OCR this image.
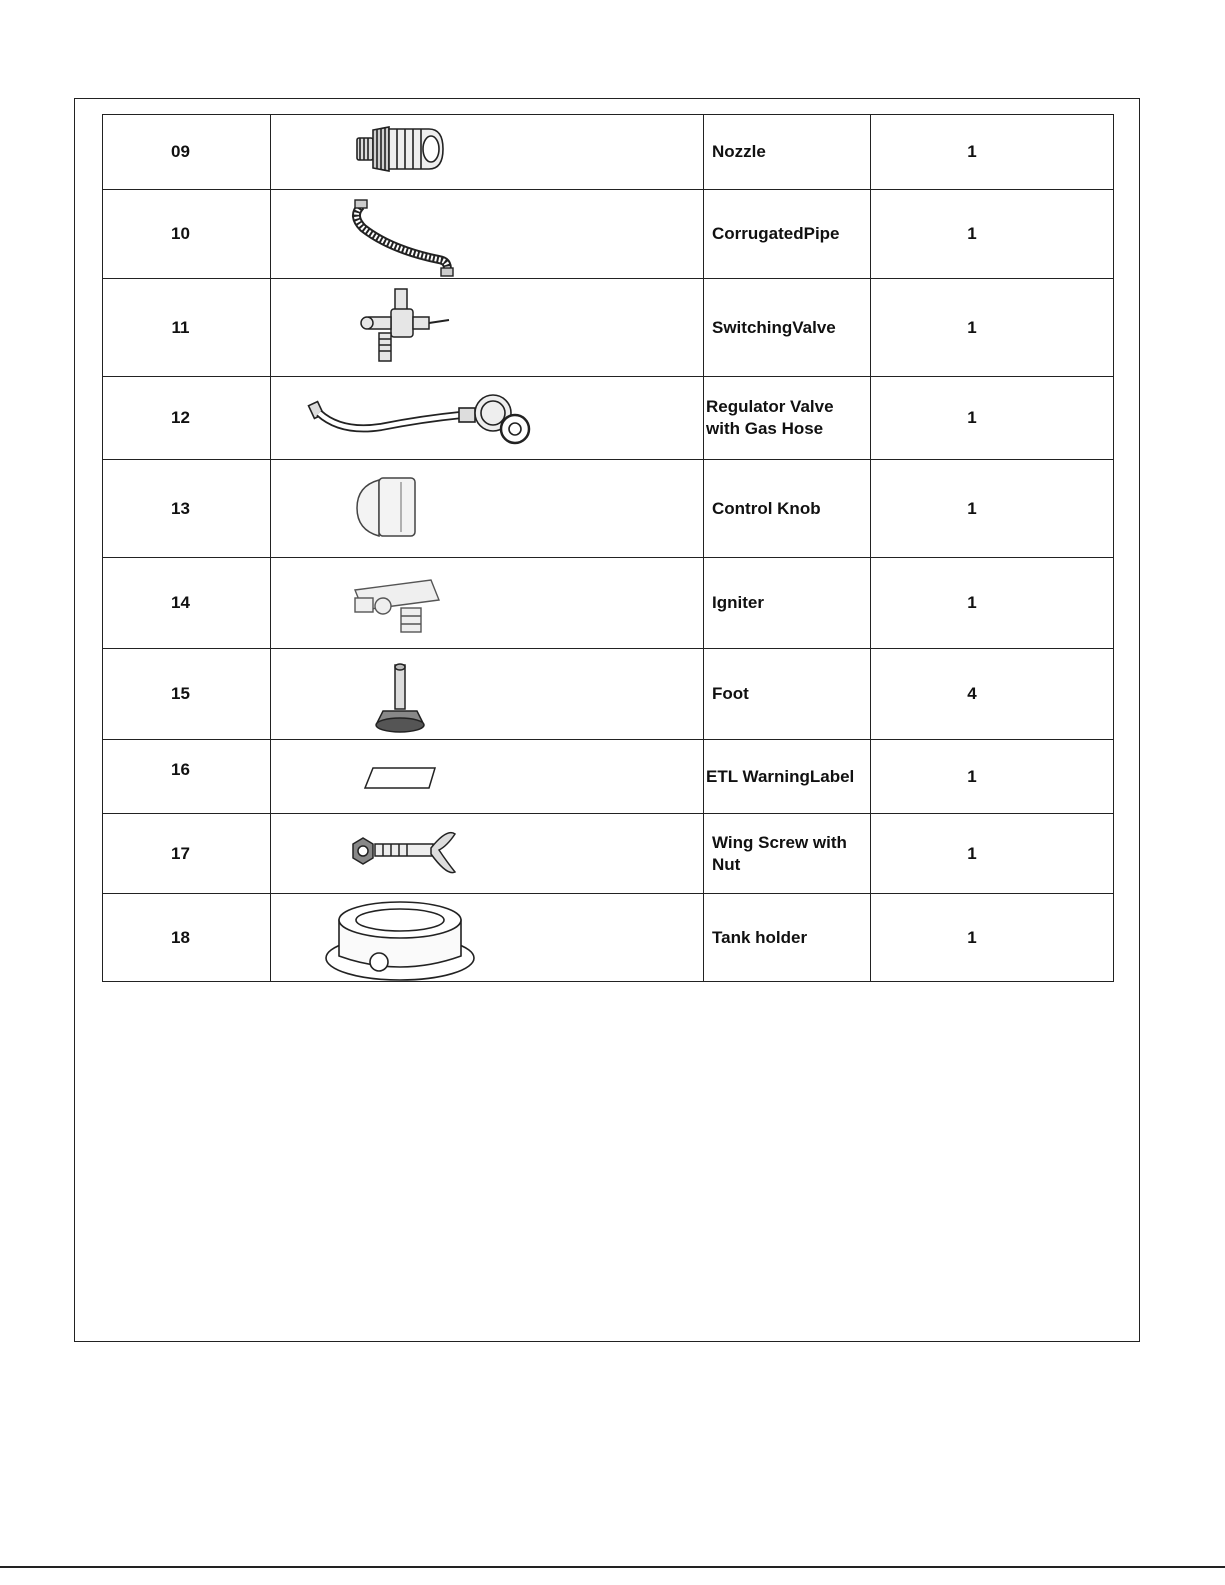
09		Nozzle	1
10		CorrugatedPipe	1
11		SwitchingValve	1
12		Regulator Valve with Gas Hose	1
13		Control Knob	1
14		Igniter	1
15		Foot	4
16		ETL WarningLabel	1
17		Wing Screw with Nut	1
18		Tank holder	1
